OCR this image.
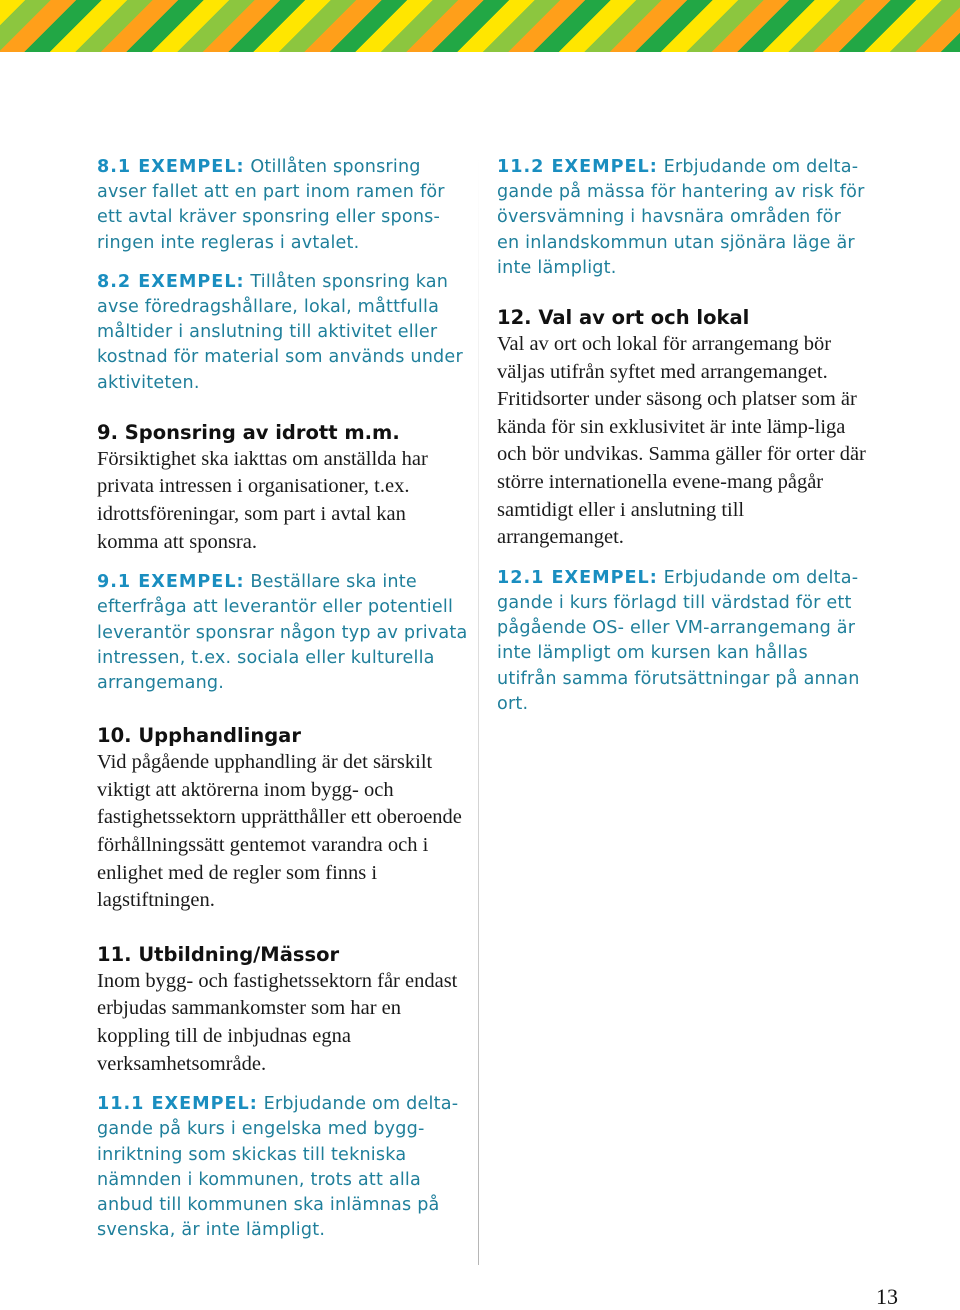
8.1 EXEMPEL: Otillåten sponsring avser fallet att en part inom ramen för ett avtal kräver sponsring eller spons-ringen inte regleras i avtalet.

8.2 EXEMPEL: Tillåten sponsring kan avse föredragshållare, lokal, måttfulla måltider i anslutning till aktivitet eller kostnad för material som används under aktiviteten.

9. Sponsring av idrott m.m.

Försiktighet ska iakttas om anställda har privata intressen i organisationer, t.ex. idrottsföreningar, som part i avtal kan komma att sponsra.

9.1 EXEMPEL: Beställare ska inte efterfråga att leverantör eller potentiell leverantör sponsrar någon typ av privata intressen, t.ex. sociala eller kulturella arrangemang.

10. Upphandlingar

Vid pågående upphandling är det särskilt viktigt att aktörerna inom bygg- och fastighetssektorn upprätthåller ett oberoende förhållningssätt gentemot varandra och i enlighet med de regler som finns i lagstiftningen.

11. Utbildning/Mässor

Inom bygg- och fastighetssektorn får endast erbjudas sammankomster som har en koppling till de inbjudnas egna verksamhetsområde.

11.1 EXEMPEL: Erbjudande om delta-gande på kurs i engelska med bygg-inriktning som skickas till tekniska nämnden i kommunen, trots att alla anbud till kommunen ska inlämnas på svenska, är inte lämpligt.

11.2 EXEMPEL: Erbjudande om delta-gande på mässa för hantering av risk för översvämning i havsnära områden för en inlandskommun utan sjönära läge är inte lämpligt.

12. Val av ort och lokal

Val av ort och lokal för arrangemang bör väljas utifrån syftet med arrangemanget. Fritidsorter under säsong och platser som är kända för sin exklusivitet är inte lämp-liga och bör undvikas. Samma gäller för orter där större internationella evene-mang pågår samtidigt eller i anslutning till arrangemanget.

12.1 EXEMPEL: Erbjudande om delta-gande i kurs förlagd till värdstad för ett pågående OS- eller VM-arrangemang är inte lämpligt om kursen kan hållas utifrån samma förutsättningar på annan ort.

13
